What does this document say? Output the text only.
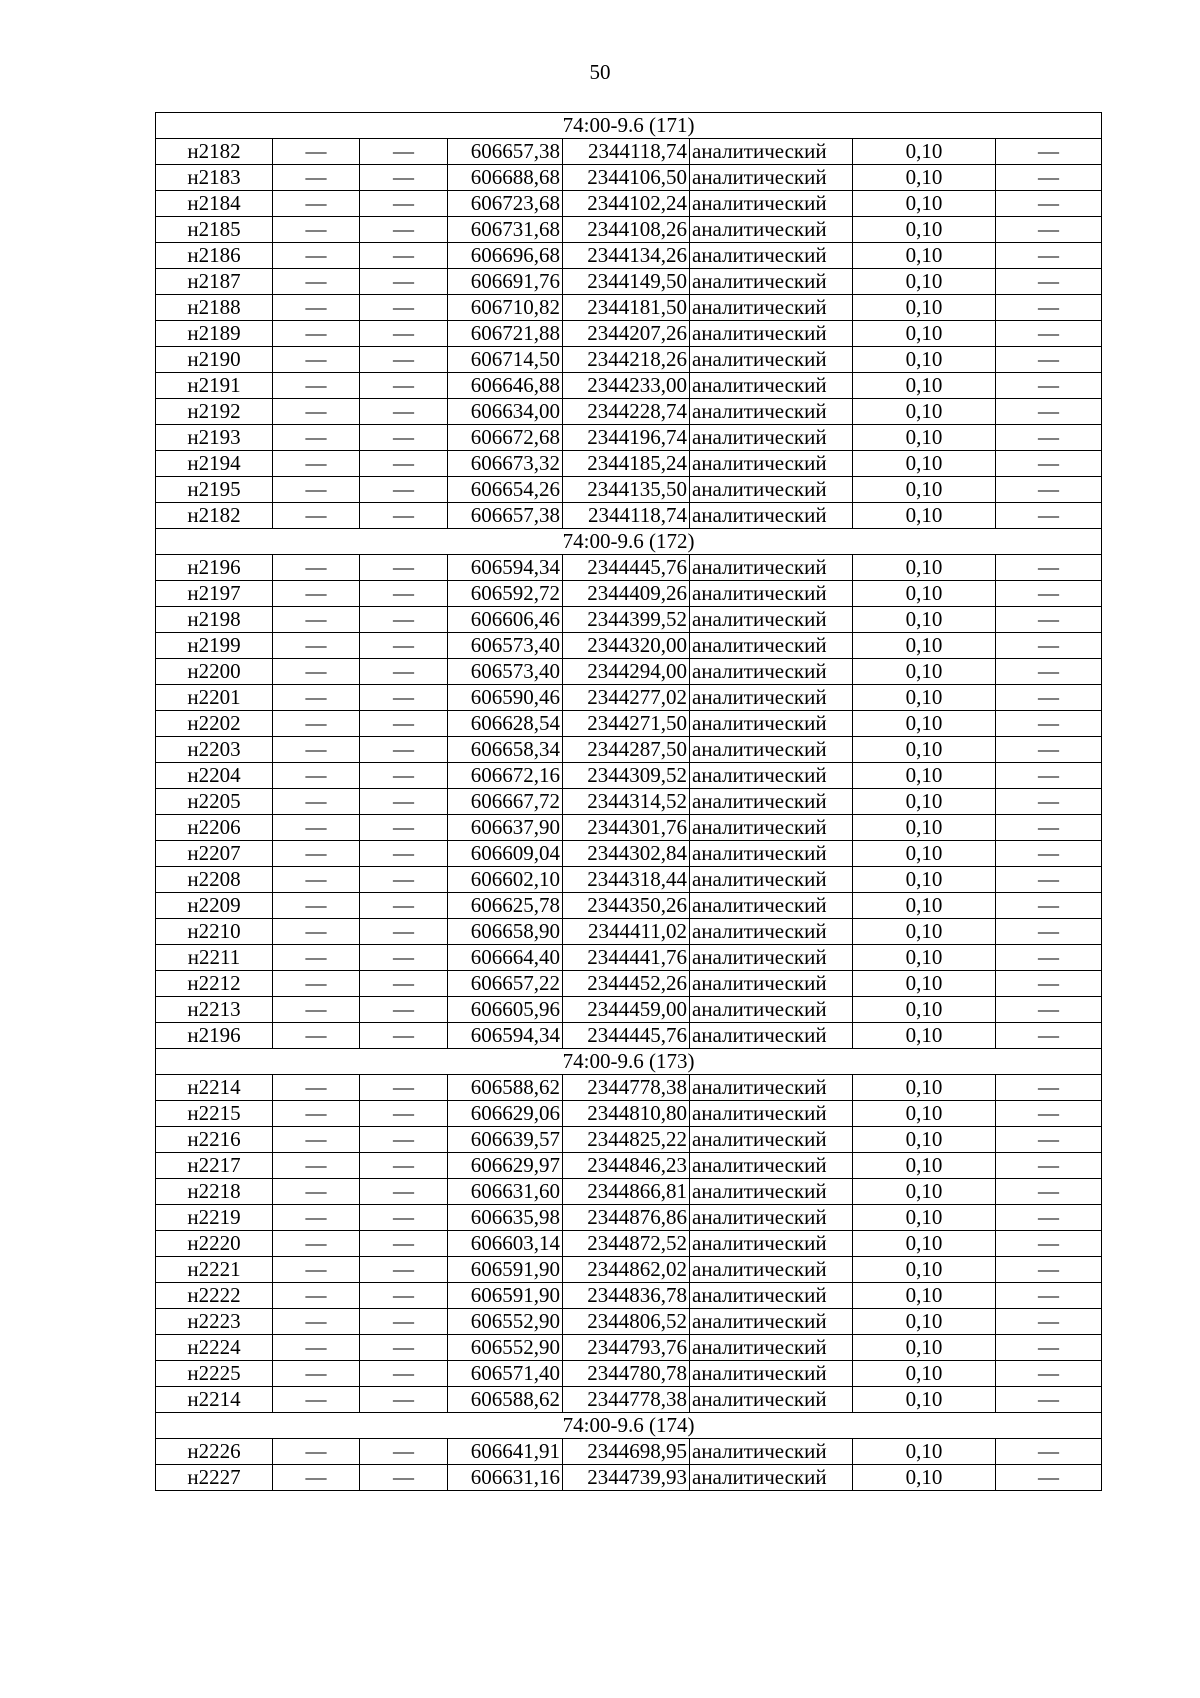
50
74:00-9.6 (171)							
н2182	—	—	606657,38	2344118,74	аналитический	0,10	—
н2183	—	—	606688,68	2344106,50	аналитический	0,10	—
н2184	—	—	606723,68	2344102,24	аналитический	0,10	—
н2185	—	—	606731,68	2344108,26	аналитический	0,10	—
н2186	—	—	606696,68	2344134,26	аналитический	0,10	—
н2187	—	—	606691,76	2344149,50	аналитический	0,10	—
н2188	—	—	606710,82	2344181,50	аналитический	0,10	—
н2189	—	—	606721,88	2344207,26	аналитический	0,10	—
н2190	—	—	606714,50	2344218,26	аналитический	0,10	—
н2191	—	—	606646,88	2344233,00	аналитический	0,10	—
н2192	—	—	606634,00	2344228,74	аналитический	0,10	—
н2193	—	—	606672,68	2344196,74	аналитический	0,10	—
н2194	—	—	606673,32	2344185,24	аналитический	0,10	—
н2195	—	—	606654,26	2344135,50	аналитический	0,10	—
н2182	—	—	606657,38	2344118,74	аналитический	0,10	—
74:00-9.6 (172)							
н2196	—	—	606594,34	2344445,76	аналитический	0,10	—
н2197	—	—	606592,72	2344409,26	аналитический	0,10	—
н2198	—	—	606606,46	2344399,52	аналитический	0,10	—
н2199	—	—	606573,40	2344320,00	аналитический	0,10	—
н2200	—	—	606573,40	2344294,00	аналитический	0,10	—
н2201	—	—	606590,46	2344277,02	аналитический	0,10	—
н2202	—	—	606628,54	2344271,50	аналитический	0,10	—
н2203	—	—	606658,34	2344287,50	аналитический	0,10	—
н2204	—	—	606672,16	2344309,52	аналитический	0,10	—
н2205	—	—	606667,72	2344314,52	аналитический	0,10	—
н2206	—	—	606637,90	2344301,76	аналитический	0,10	—
н2207	—	—	606609,04	2344302,84	аналитический	0,10	—
н2208	—	—	606602,10	2344318,44	аналитический	0,10	—
н2209	—	—	606625,78	2344350,26	аналитический	0,10	—
н2210	—	—	606658,90	2344411,02	аналитический	0,10	—
н2211	—	—	606664,40	2344441,76	аналитический	0,10	—
н2212	—	—	606657,22	2344452,26	аналитический	0,10	—
н2213	—	—	606605,96	2344459,00	аналитический	0,10	—
н2196	—	—	606594,34	2344445,76	аналитический	0,10	—
74:00-9.6 (173)							
н2214	—	—	606588,62	2344778,38	аналитический	0,10	—
н2215	—	—	606629,06	2344810,80	аналитический	0,10	—
н2216	—	—	606639,57	2344825,22	аналитический	0,10	—
н2217	—	—	606629,97	2344846,23	аналитический	0,10	—
н2218	—	—	606631,60	2344866,81	аналитический	0,10	—
н2219	—	—	606635,98	2344876,86	аналитический	0,10	—
н2220	—	—	606603,14	2344872,52	аналитический	0,10	—
н2221	—	—	606591,90	2344862,02	аналитический	0,10	—
н2222	—	—	606591,90	2344836,78	аналитический	0,10	—
н2223	—	—	606552,90	2344806,52	аналитический	0,10	—
н2224	—	—	606552,90	2344793,76	аналитический	0,10	—
н2225	—	—	606571,40	2344780,78	аналитический	0,10	—
н2214	—	—	606588,62	2344778,38	аналитический	0,10	—
74:00-9.6 (174)							
н2226	—	—	606641,91	2344698,95	аналитический	0,10	—
н2227	—	—	606631,16	2344739,93	аналитический	0,10	—
